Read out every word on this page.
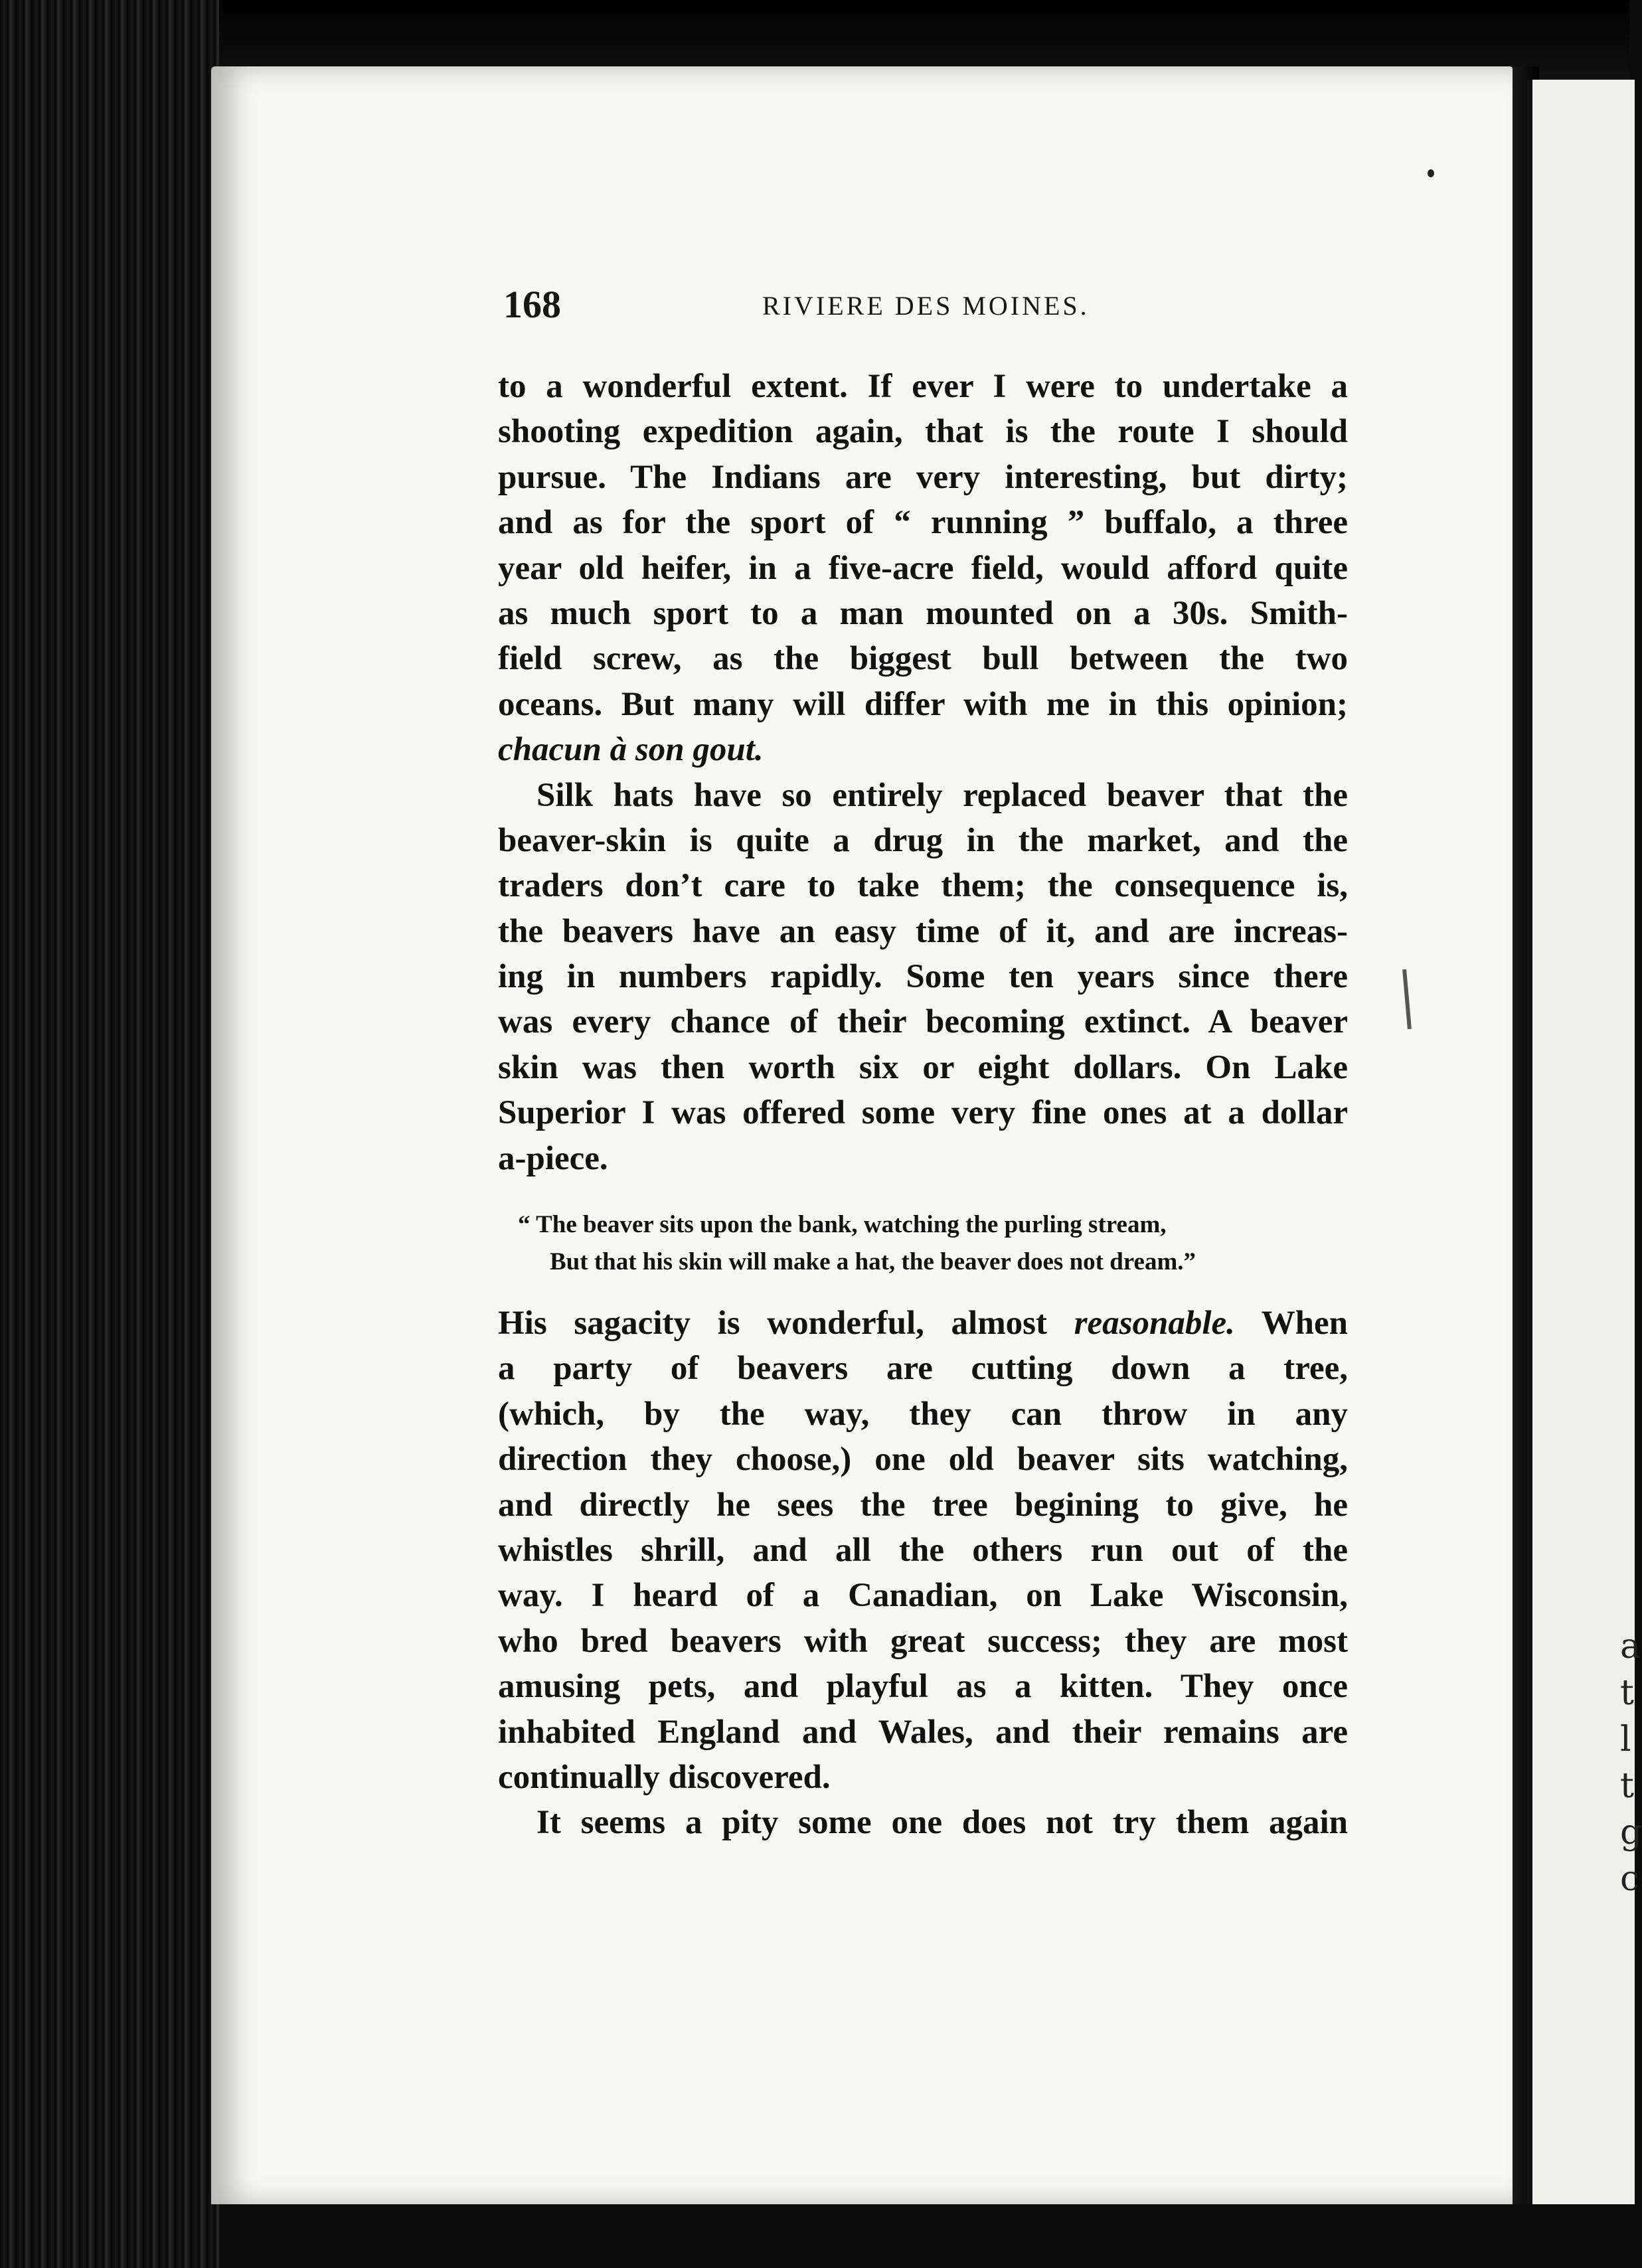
a
t
l
t
g
c
168	RIVIERE DES MOINES.
to a wonderful extent. If ever I were to undertake a
shooting expedition again, that is the route I should
pursue. The Indians are very interesting, but dirty;
and as for the sport of “ running ” buffalo, a three
year old heifer, in a five-acre field, would afford quite
as much sport to a man mounted on a 30s. Smith-
field screw, as the biggest bull between the two
oceans. But many will differ with me in this opinion;
chacun à son gout.
Silk hats have so entirely replaced beaver that the
beaver-skin is quite a drug in the market, and the
traders don’t care to take them; the consequence is,
the beavers have an easy time of it, and are increas-
ing in numbers rapidly. Some ten years since there
was every chance of their becoming extinct. A beaver
skin was then worth six or eight dollars. On Lake
Superior I was offered some very fine ones at a dollar
a-piece.
“ The beaver sits upon the bank, watching the purling stream,
But that his skin will make a hat, the beaver does not dream.”
His sagacity is wonderful, almost reasonable. When
a party of beavers are cutting down a tree,
(which, by the way, they can throw in any
direction they choose,) one old beaver sits watching,
and directly he sees the tree begining to give, he
whistles shrill, and all the others run out of the
way. I heard of a Canadian, on Lake Wisconsin,
who bred beavers with great success; they are most
amusing pets, and playful as a kitten. They once
inhabited England and Wales, and their remains are
continually discovered.
It seems a pity some one does not try them again
